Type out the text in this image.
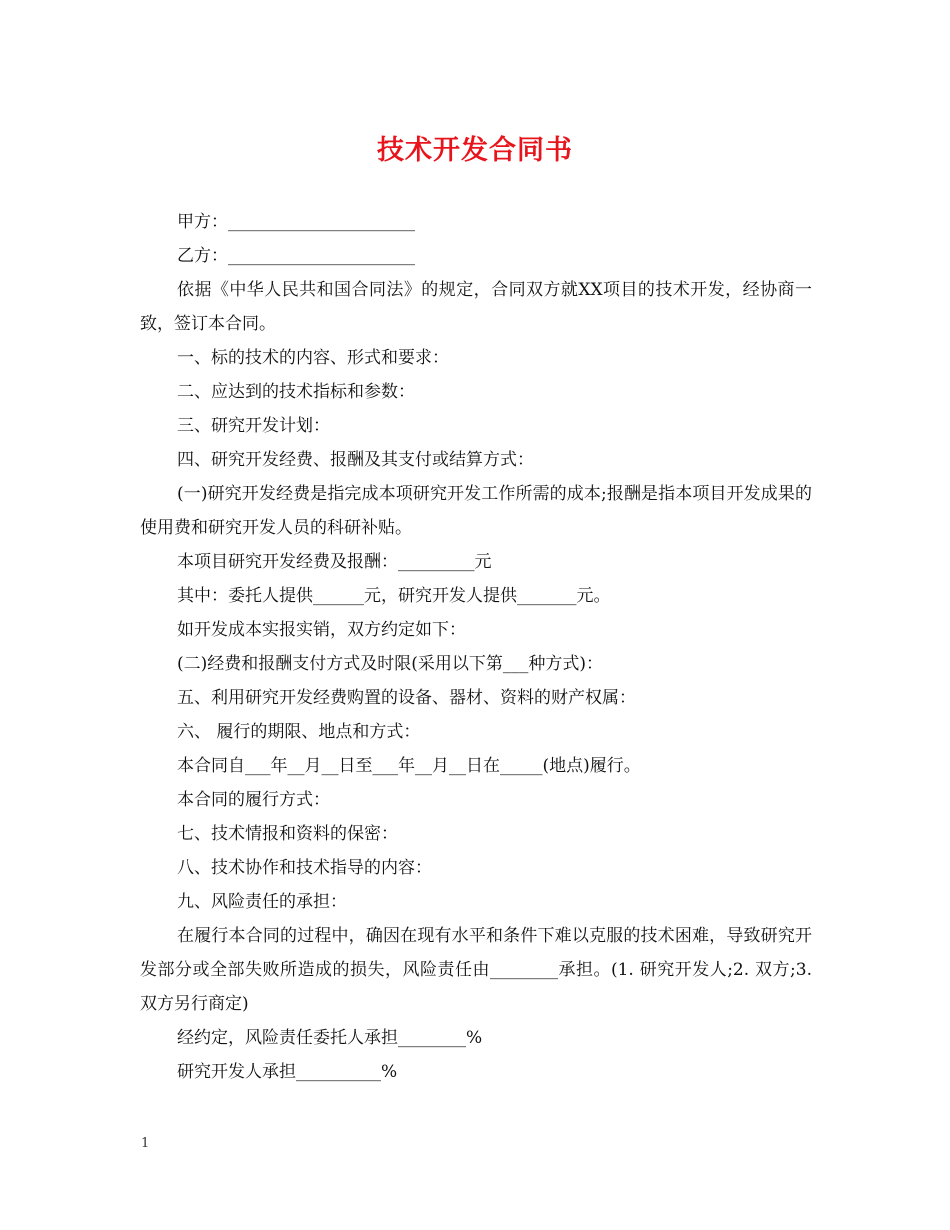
技术开发合同书

甲方：______________________

乙方：______________________

依据《中华人民共和国合同法》的规定，合同双方就XX项目的技术开发，经协商一致，签订本合同。

一、标的技术的内容、形式和要求：

二、应达到的技术指标和参数：

三、研究开发计划：

四、研究开发经费、报酬及其支付或结算方式：

(一)研究开发经费是指完成本项研究开发工作所需的成本;报酬是指本项目开发成果的使用费和研究开发人员的科研补贴。

本项目研究开发经费及报酬：_________元

其中：委托人提供______元，研究开发人提供_______元。

如开发成本实报实销，双方约定如下：

(二)经费和报酬支付方式及时限(采用以下第___种方式)：

五、利用研究开发经费购置的设备、器材、资料的财产权属：

六、 履行的期限、地点和方式：

本合同自___年__月__日至___年__月__日在_____(地点)履行。

本合同的履行方式：

七、技术情报和资料的保密：

八、技术协作和技术指导的内容：

九、风险责任的承担：

在履行本合同的过程中，确因在现有水平和条件下难以克服的技术困难，导致研究开发部分或全部失败所造成的损失，风险责任由________承担。(1. 研究开发人;2. 双方;3. 双方另行商定)

经约定，风险责任委托人承担________%

研究开发人承担__________%

1
